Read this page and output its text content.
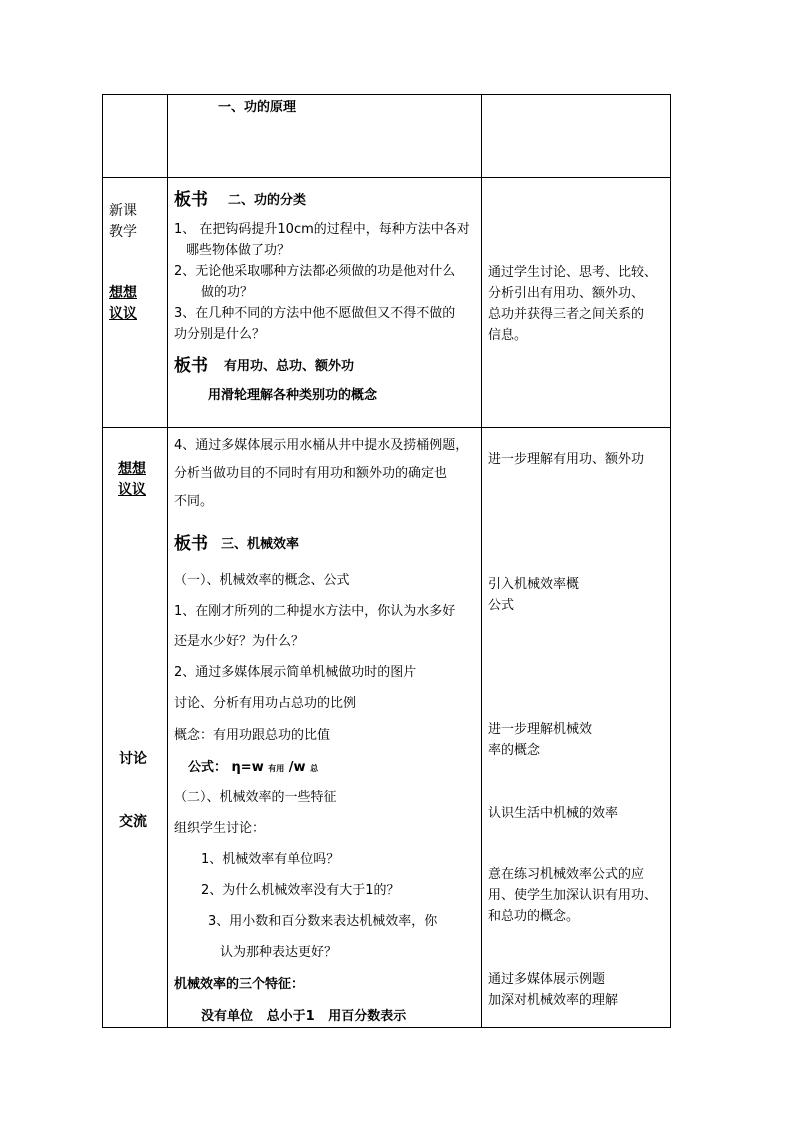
新课
教学
想想
议议
想想
议议
讨论
交流
一、功的原理
板书 二、功的分类
1、 在把钩码提升10cm的过程中，每种方法中各对
哪些物体做了功？
2、无论他采取哪种方法都必须做的功是他对什么
做的功？
3、在几种不同的方法中他不愿做但又不得不做的
功分别是什么？
板书 有用功、总功、额外功
用滑轮理解各种类别功的概念
通过学生讨论、思考、比较、
分析引出有用功、额外功、
总功并获得三者之间关系的
信息。
4、通过多媒体展示用水桶从井中提水及捞桶例题，
分析当做功目的不同时有用功和额外功的确定也
不同。
板书 三、机械效率
（一）、机械效率的概念、公式
1、在刚才所列的二种提水方法中，你认为水多好
还是水少好？为什么？
2、通过多媒体展示简单机械做功时的图片
讨论、分析有用功占总功的比例
概念：有用功跟总功的比值
公式： η=w 有用 /w 总
（二）、机械效率的一些特征
组织学生讨论：
1、机械效率有单位吗？
2、为什么机械效率没有大于1的？
3、用小数和百分数来表达机械效率，你
认为那种表达更好？
机械效率的三个特征：
没有单位   总小于1   用百分数表示
进一步理解有用功、额外功
引入机械效率概
公式
进一步理解机械效
率的概念
认识生活中机械的效率
意在练习机械效率公式的应
用、使学生加深认识有用功、
和总功的概念。
通过多媒体展示例题
加深对机械效率的理解
